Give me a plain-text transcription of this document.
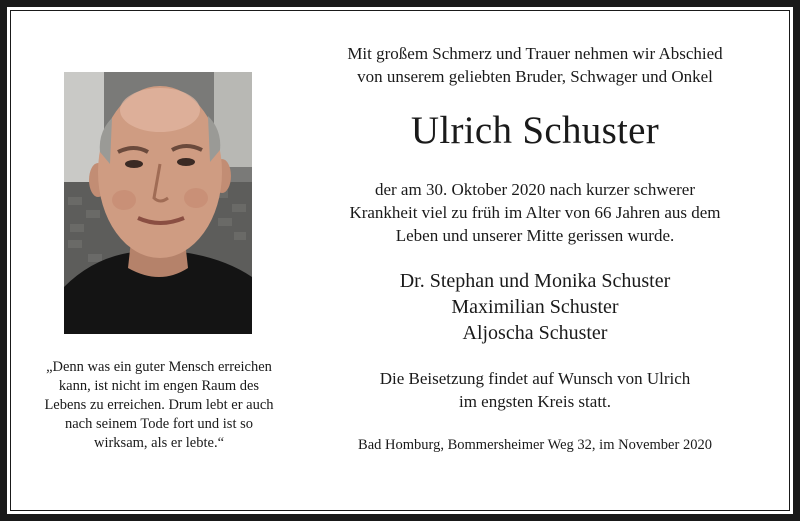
„Denn was ein guter Mensch erreichen
kann, ist nicht im engen Raum des
Lebens zu erreichen. Drum lebt er auch
nach seinem Tode fort und ist so
wirksam, als er lebte.“
Mit großem Schmerz und Trauer nehmen wir Abschied
von unserem geliebten Bruder, Schwager und Onkel
Ulrich Schuster
der am 30. Oktober 2020 nach kurzer schwerer
Krankheit viel zu früh im Alter von 66 Jahren aus dem
Leben und unserer Mitte gerissen wurde.
Dr. Stephan und Monika Schuster
Maximilian Schuster
Aljoscha Schuster
Die Beisetzung findet auf Wunsch von Ulrich
im engsten Kreis statt.
Bad Homburg, Bommersheimer Weg 32, im November 2020
